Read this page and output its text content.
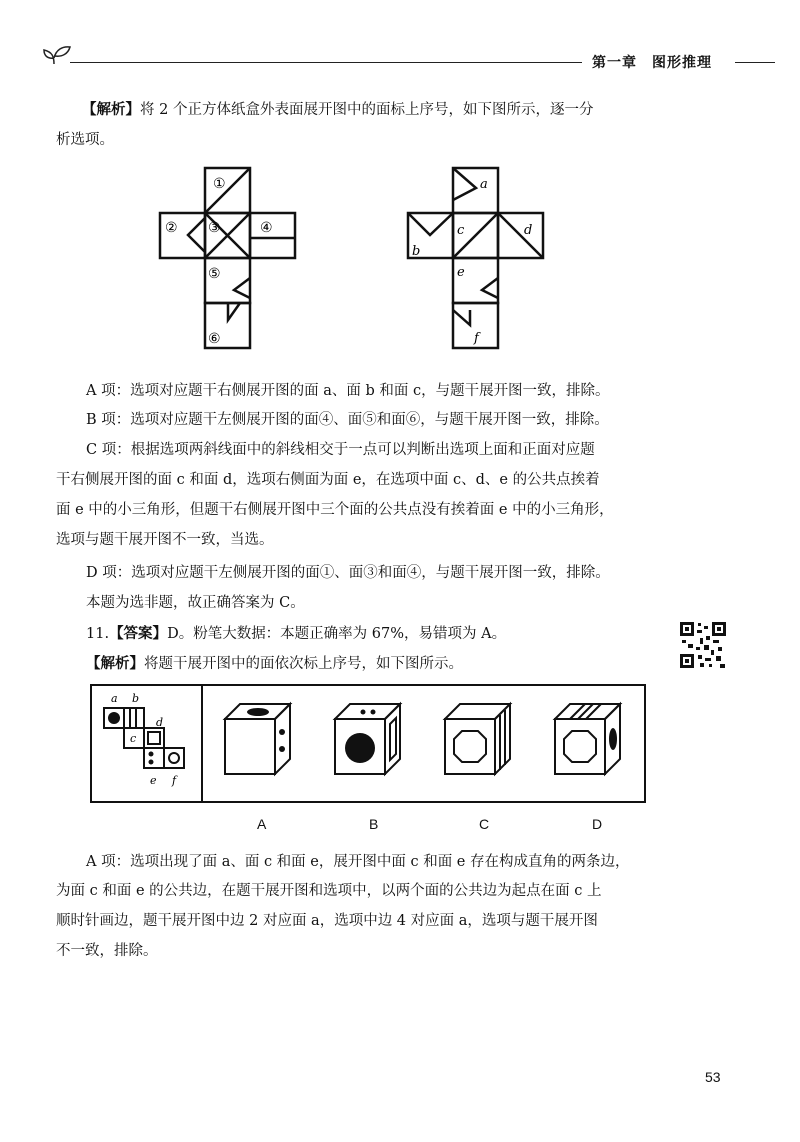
第一章　图形推理
【解析】将 2 个正方体纸盒外表面展开图中的面标上序号，如下图所示，逐一分
析选项。
①
② ③	④
⑤
⑥
a
b
c	d
e
f
A 项：选项对应题干右侧展开图的面 a、面 b 和面 c，与题干展开图一致，排除。
B 项：选项对应题干左侧展开图的面④、面⑤和面⑥，与题干展开图一致，排除。
C 项：根据选项两斜线面中的斜线相交于一点可以判断出选项上面和正面对应题
干右侧展开图的面 c 和面 d，选项右侧面为面 e，在选项中面 c、d、e 的公共点挨着
面 e 中的小三角形，但题干右侧展开图中三个面的公共点没有挨着面 e 中的小三角形，
选项与题干展开图不一致，当选。
D 项：选项对应题干左侧展开图的面①、面③和面④，与题干展开图一致，排除。
本题为选非题，故正确答案为 C。
11.【答案】D。粉笔大数据：本题正确率为 67%，易错项为 A。
【解析】将题干展开图中的面依次标上序号，如下图所示。
a b
c
d
e f
A	B	C	D
A 项：选项出现了面 a、面 c 和面 e，展开图中面 c 和面 e 存在构成直角的两条边，
为面 c 和面 e 的公共边，在题干展开图和选项中，以两个面的公共边为起点在面 c 上
顺时针画边，题干展开图中边 2 对应面 a，选项中边 4 对应面 a，选项与题干展开图
不一致，排除。
53
